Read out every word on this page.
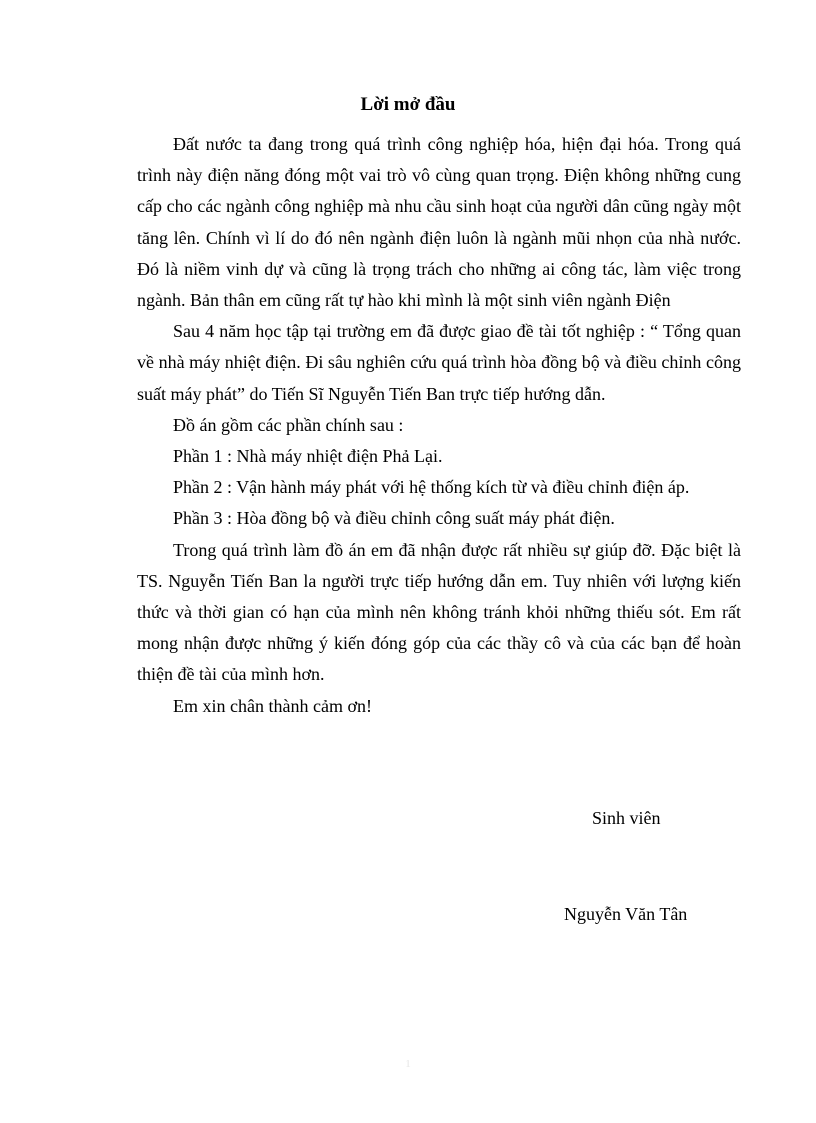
Lời mở đầu

Đất nước ta đang trong quá trình công nghiệp hóa, hiện đại hóa. Trong quá trình này điện năng đóng một vai trò vô cùng quan trọng. Điện không những cung cấp cho các ngành công nghiệp mà nhu cầu sinh hoạt của người dân cũng ngày một tăng lên. Chính vì lí do đó nên ngành điện luôn là ngành mũi nhọn của nhà nước. Đó là niềm vinh dự và cũng là trọng trách cho những ai công tác, làm việc trong ngành. Bản thân em cũng rất tự hào khi mình là một sinh viên ngành Điện

Sau 4 năm học tập tại trường em đã được giao đề tài tốt nghiệp : “ Tổng quan về nhà máy nhiệt điện. Đi sâu nghiên cứu quá trình hòa đồng bộ và điều chỉnh công suất máy phát” do Tiến Sĩ Nguyễn Tiến Ban trực tiếp hướng dẫn.

Đồ án gồm các phần chính sau :

Phần 1 : Nhà máy nhiệt điện Phả Lại.

Phần 2 : Vận hành máy phát với hệ thống kích từ và điều chỉnh điện áp.

Phần 3 : Hòa đồng bộ và điều chỉnh công suất máy phát điện.

Trong quá trình làm đồ án em đã nhận được rất nhiều sự giúp đỡ. Đặc biệt là TS. Nguyễn Tiến Ban la người trực tiếp hướng dẫn em. Tuy nhiên với lượng kiến thức và thời gian có hạn của mình nên không tránh khỏi những thiếu sót. Em rất mong nhận được những ý kiến đóng góp của các thầy cô và của các bạn để hoàn thiện đề tài của mình hơn.

Em xin chân thành cảm ơn!

Sinh viên
Nguyễn Văn Tân
1
